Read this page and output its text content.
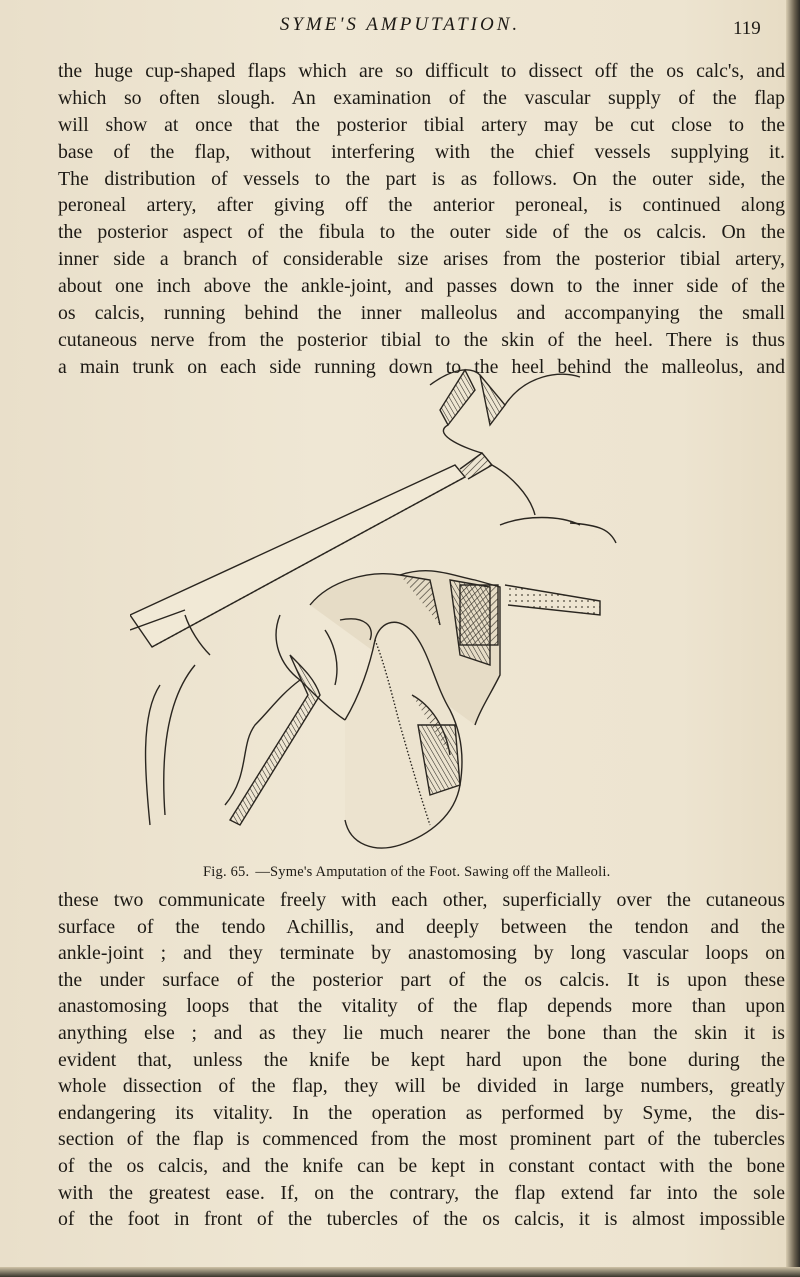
SYME'S AMPUTATION.	119
the huge cup-shaped flaps which are so difficult to dissect off the os calc's, and
which so often slough. An examination of the vascular supply of the flap
will show at once that the posterior tibial artery may be cut close to the
base of the flap, without interfering with the chief vessels supplying it.
The distribution of vessels to the part is as follows. On the outer side, the
peroneal artery, after giving off the anterior peroneal, is continued along
the posterior aspect of the fibula to the outer side of the os calcis. On the
inner side a branch of considerable size arises from the posterior tibial artery,
about one inch above the ankle-joint, and passes down to the inner side of the
os calcis, running behind the inner malleolus and accompanying the small
cutaneous nerve from the posterior tibial to the skin of the heel. There is thus
a main trunk on each side running down to the heel behind the malleolus, and
Fig. 65. —Syme's Amputation of the Foot. Sawing off the Malleoli.
these two communicate freely with each other, superficially over the cutaneous
surface of the tendo Achillis, and deeply between the tendon and the
ankle-joint ; and they terminate by anastomosing by long vascular loops on
the under surface of the posterior part of the os calcis. It is upon these
anastomosing loops that the vitality of the flap depends more than upon
anything else ; and as they lie much nearer the bone than the skin it is
evident that, unless the knife be kept hard upon the bone during the
whole dissection of the flap, they will be divided in large numbers, greatly
endangering its vitality. In the operation as performed by Syme, the dis-
section of the flap is commenced from the most prominent part of the tubercles
of the os calcis, and the knife can be kept in constant contact with the bone
with the greatest ease. If, on the contrary, the flap extend far into the sole
of the foot in front of the tubercles of the os calcis, it is almost impossible
